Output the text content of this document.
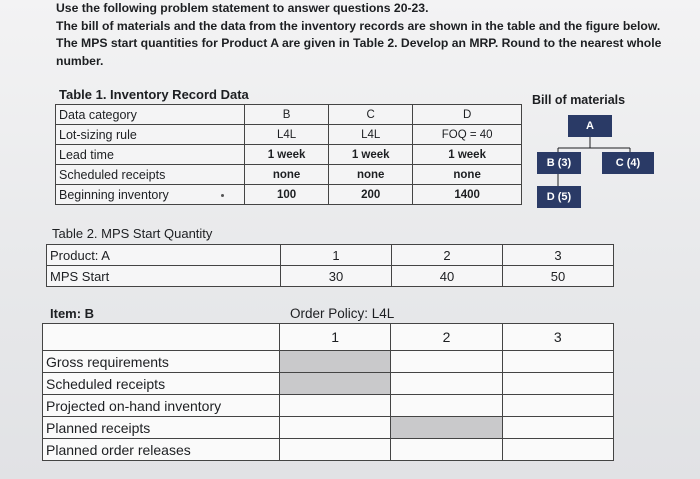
Use the following problem statement to answer questions 20-23.

The bill of materials and the data from the inventory records are shown in the table and the figure below. The MPS start quantities for Product A are given in Table 2. Develop an MRP. Round to the nearest whole number.

Table 1. Inventory Record Data
Data category	B	C	D
Lot-sizing rule	L4L	L4L	FOQ = 40
Lead time	1 week	1 week	1 week
Scheduled receipts	none	none	none
Beginning inventory	100	200	1400
Bill of materials
A
B (3)	C (4)
D (5)
Table 2. MPS Start Quantity
Product: A	1	2	3
MPS Start	30	40	50
Item: B	Order Policy: L4L
	1	2	3
Gross requirements			
Scheduled receipts			
Projected on-hand inventory			
Planned receipts			
Planned order releases			
